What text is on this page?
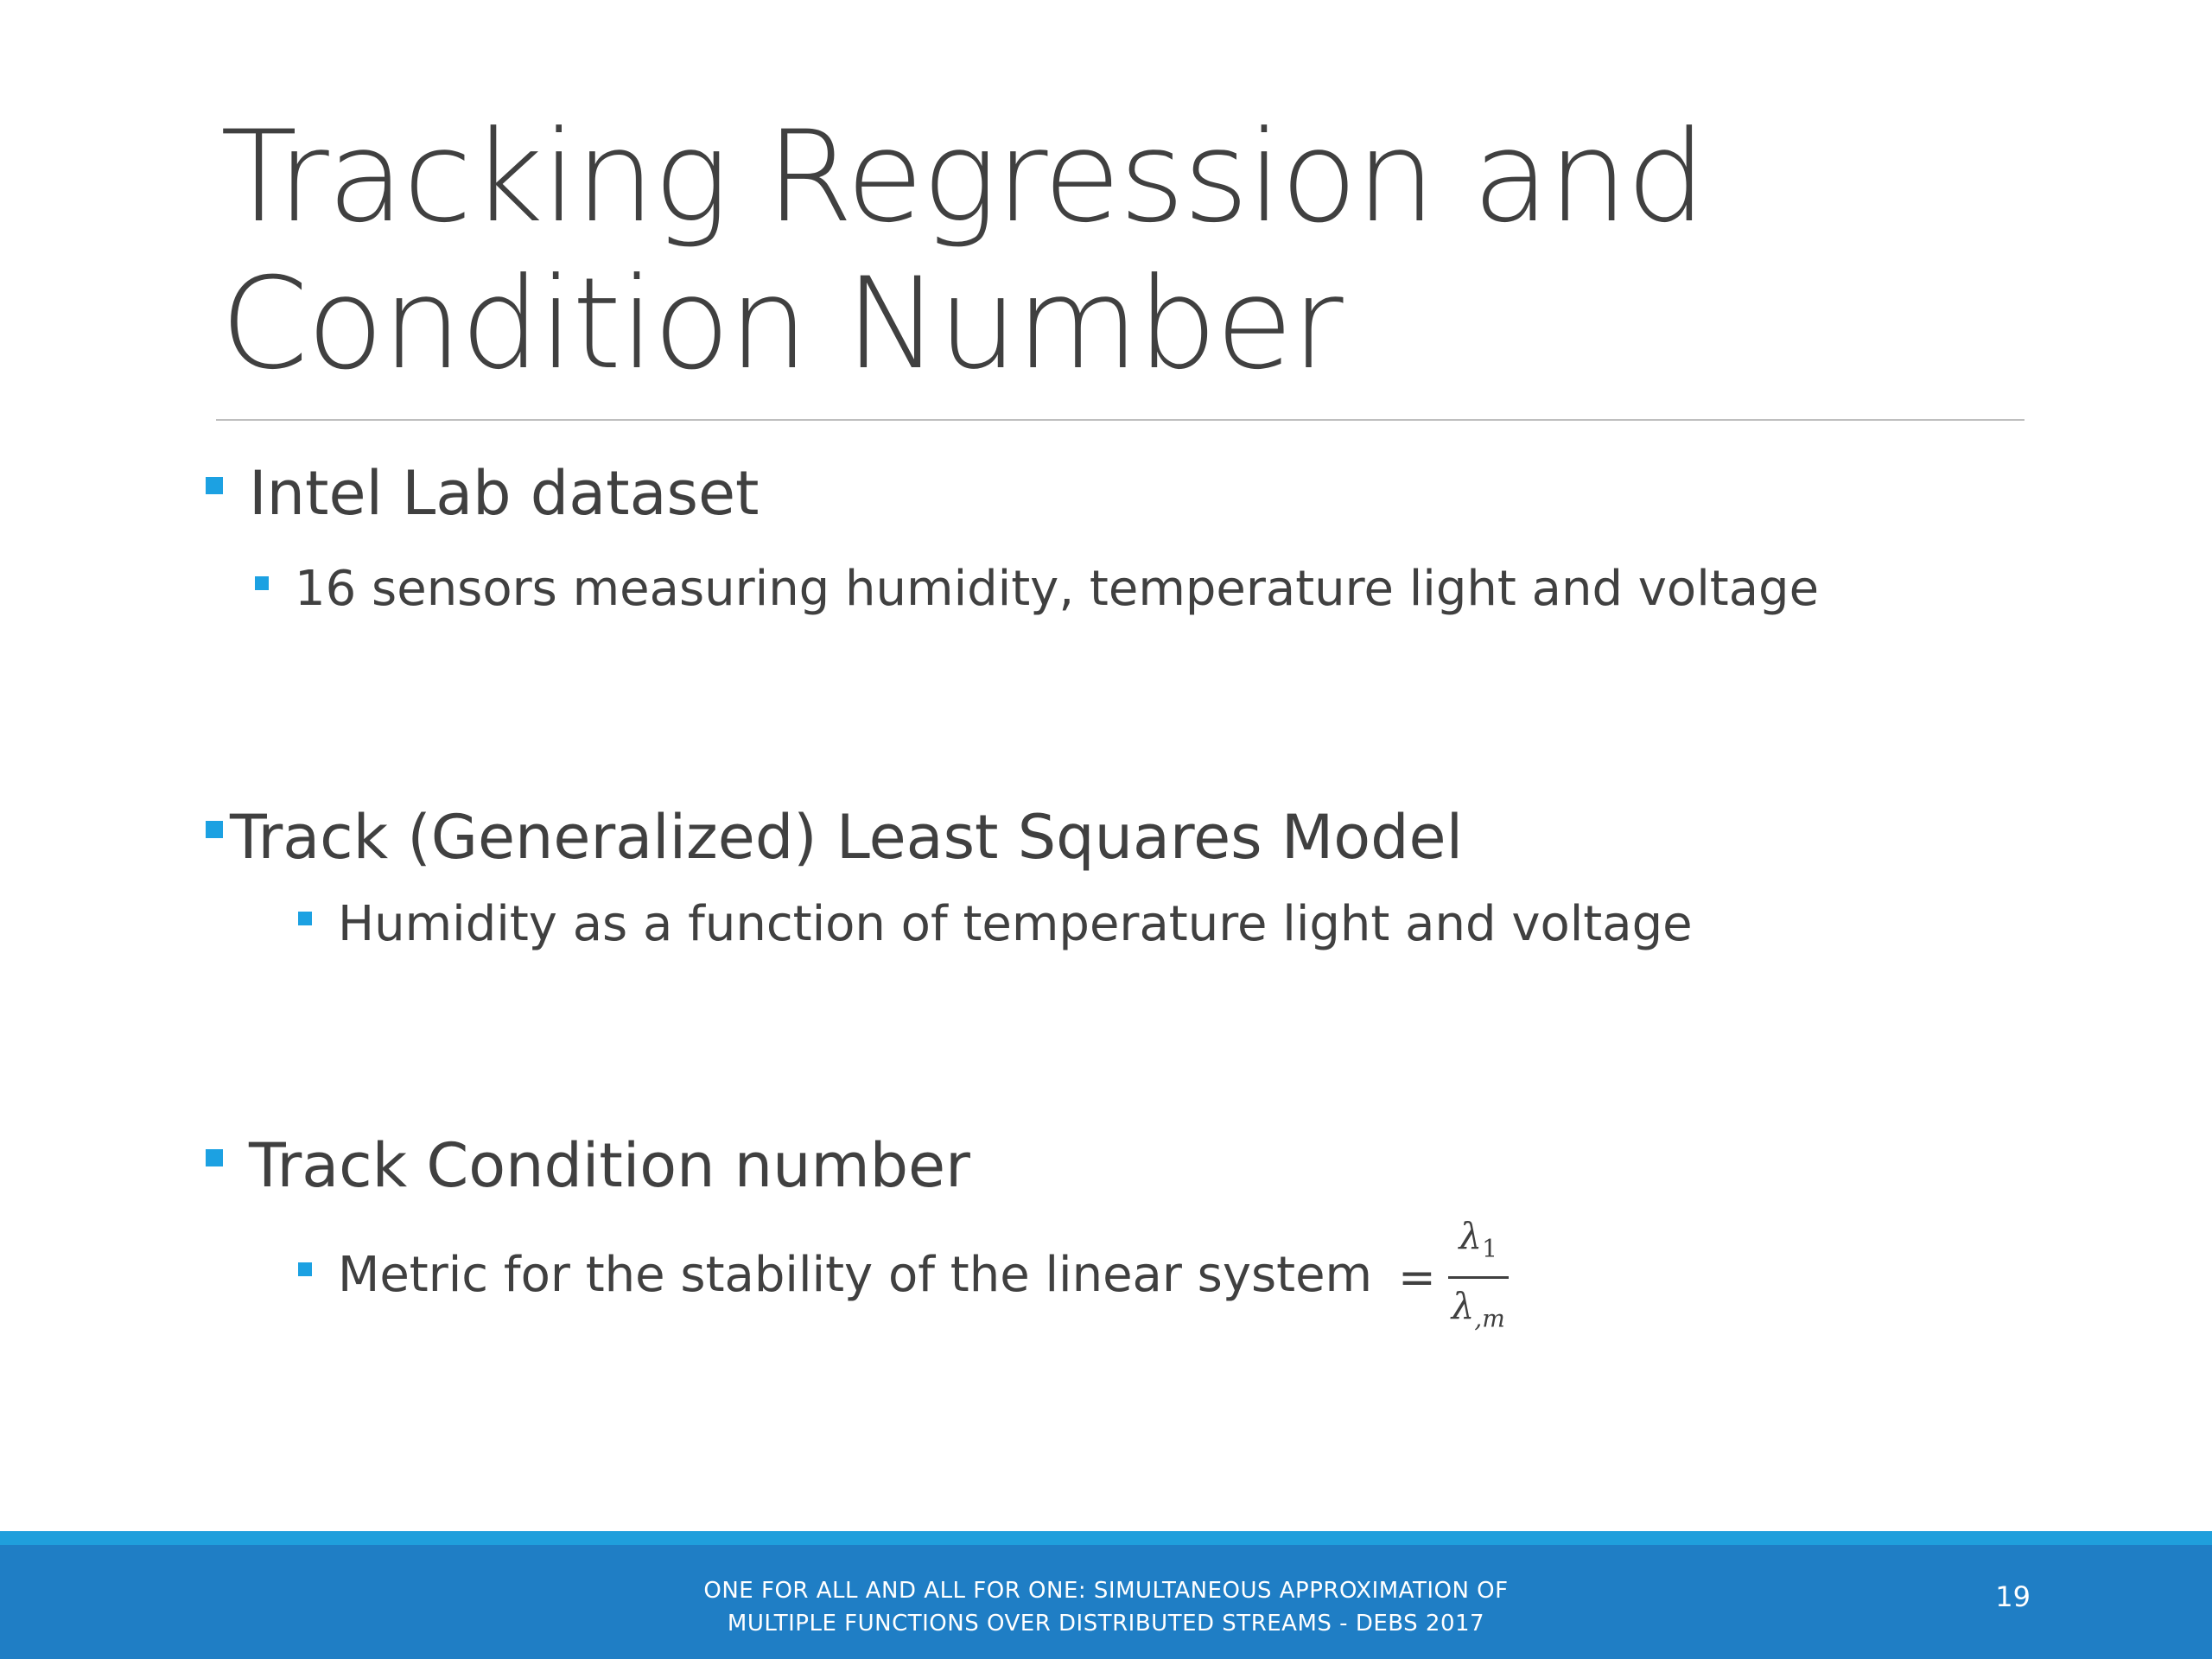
Tracking Regression and
Condition Number
Intel Lab dataset
16 sensors measuring humidity, temperature light and voltage
Track (Generalized) Least Squares Model
Humidity as a function of temperature light and voltage
Track Condition number
Metric for the stability of the linear system = $\frac{\lambda_1}{\lambda_{,m}}$
ONE FOR ALL AND ALL FOR ONE: SIMULTANEOUS APPROXIMATION OF
MULTIPLE FUNCTIONS OVER DISTRIBUTED STREAMS - DEBS 2017
19
